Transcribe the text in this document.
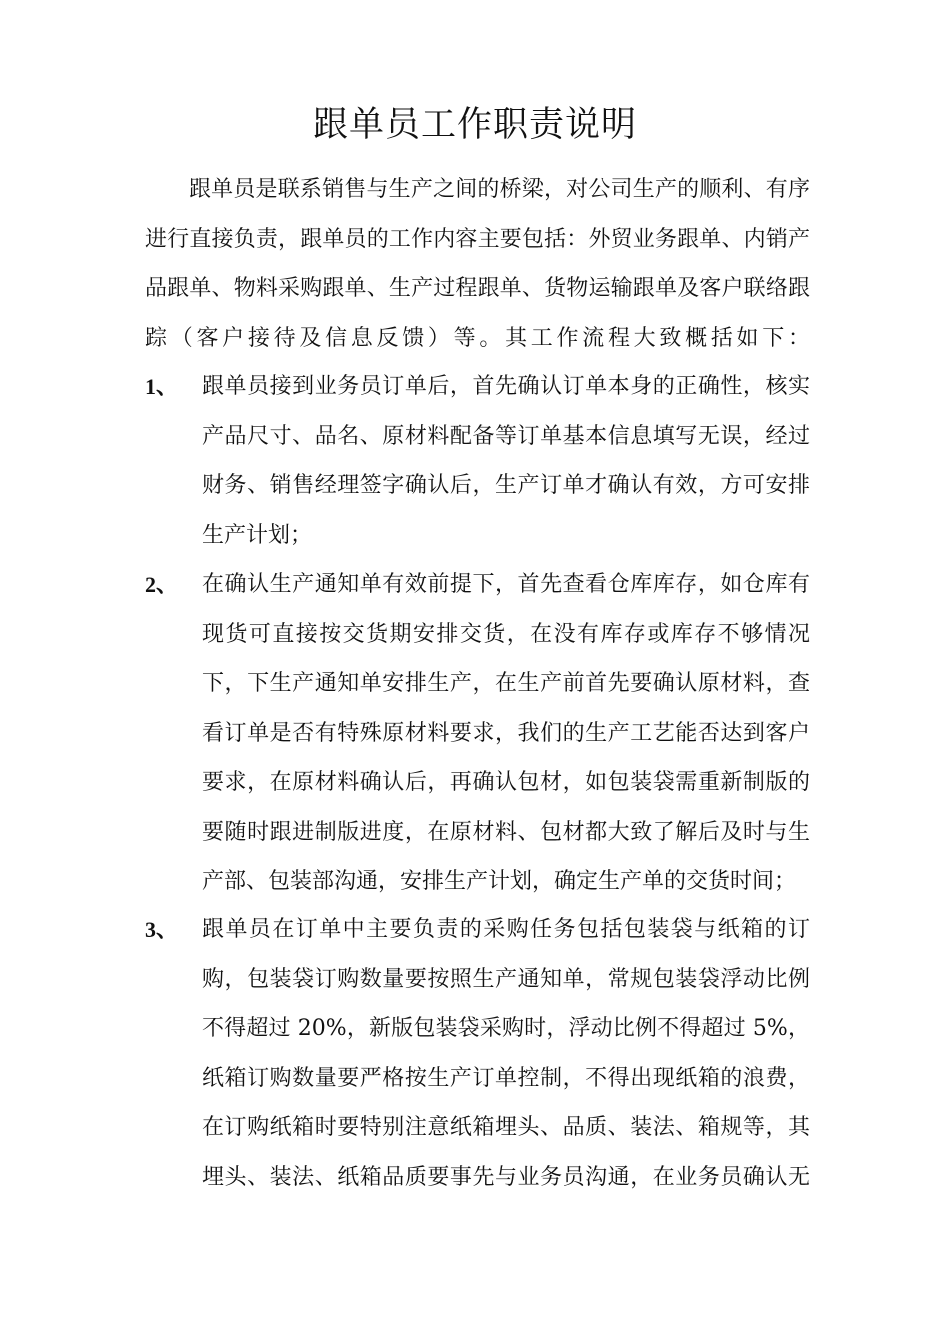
跟单员工作职责说明
跟单员是联系销售与生产之间的桥梁，对公司生产的顺利、有序进行直接负责，跟单员的工作内容主要包括：外贸业务跟单、内销产品跟单、物料采购跟单、生产过程跟单、货物运输跟单及客户联络跟踪（客户接待及信息反馈）等。其工作流程大致概括如下：
1、	跟单员接到业务员订单后，首先确认订单本身的正确性，核实产品尺寸、品名、原材料配备等订单基本信息填写无误，经过财务、销售经理签字确认后，生产订单才确认有效，方可安排生产计划；
2、	在确认生产通知单有效前提下，首先查看仓库库存，如仓库有现货可直接按交货期安排交货，在没有库存或库存不够情况下，下生产通知单安排生产，在生产前首先要确认原材料，查看订单是否有特殊原材料要求，我们的生产工艺能否达到客户要求，在原材料确认后，再确认包材，如包装袋需重新制版的要随时跟进制版进度，在原材料、包材都大致了解后及时与生产部、包装部沟通，安排生产计划，确定生产单的交货时间；
3、	跟单员在订单中主要负责的采购任务包括包装袋与纸箱的订购，包装袋订购数量要按照生产通知单，常规包装袋浮动比例不得超过 20%，新版包装袋采购时，浮动比例不得超过 5%，纸箱订购数量要严格按生产订单控制，不得出现纸箱的浪费，在订购纸箱时要特别注意纸箱埋头、品质、装法、箱规等，其埋头、装法、纸箱品质要事先与业务员沟通，在业务员确认无
